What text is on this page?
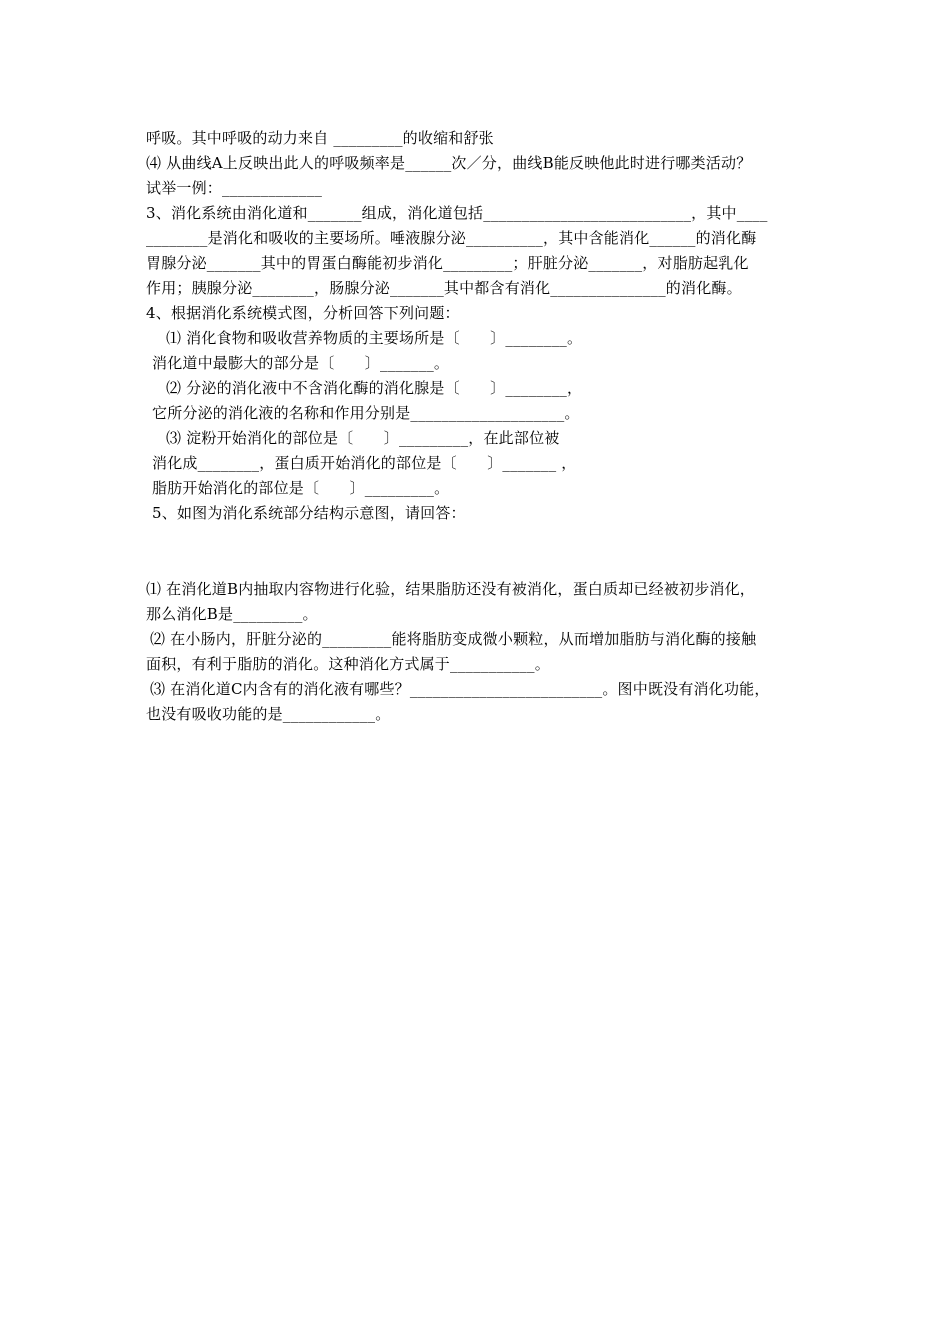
呼吸。其中呼吸的动力来自 _________的收缩和舒张
⑷ 从曲线A上反映出此人的呼吸频率是______次／分，曲线B能反映他此时进行哪类活动？
试举一例：_____________
3、消化系统由消化道和_______组成，消化道包括___________________________，其中____
________是消化和吸收的主要场所。唾液腺分泌__________，其中含能消化______的消化酶
胃腺分泌_______其中的胃蛋白酶能初步消化_________；肝脏分泌_______，对脂肪起乳化
作用；胰腺分泌________，肠腺分泌_______其中都含有消化_______________的消化酶。
4、根据消化系统模式图，分析回答下列问题：
⑴ 消化食物和吸收营养物质的主要场所是〔　　〕________。
消化道中最膨大的部分是〔　　〕_______。
⑵ 分泌的消化液中不含消化酶的消化腺是〔　　〕________，
它所分泌的消化液的名称和作用分别是____________________。
⑶ 淀粉开始消化的部位是〔　　〕_________，在此部位被
消化成________，蛋白质开始消化的部位是〔　　〕_______ ，
脂肪开始消化的部位是〔　　〕_________。
5、如图为消化系统部分结构示意图，请回答：
⑴ 在消化道B内抽取内容物进行化验，结果脂肪还没有被消化，蛋白质却已经被初步消化，
那么消化B是_________。
⑵ 在小肠内，肝脏分泌的_________能将脂肪变成微小颗粒，从而增加脂肪与消化酶的接触
面积，有利于脂肪的消化。这种消化方式属于___________。
⑶ 在消化道C内含有的消化液有哪些？_________________________。图中既没有消化功能，
也没有吸收功能的是____________。
